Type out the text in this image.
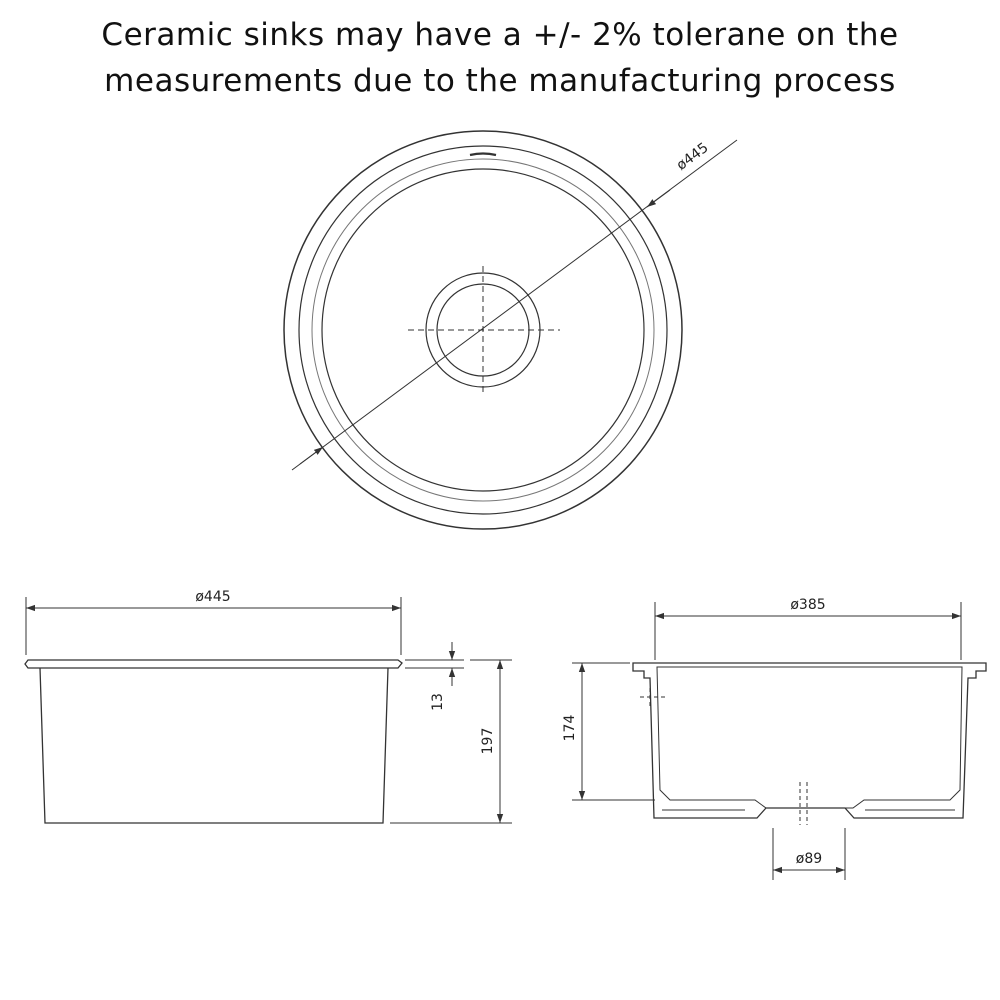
Ceramic sinks may have a +/- 2% tolerane on the
measurements due to the manufacturing process
ø445
ø445
13
197
ø385
174
ø89
